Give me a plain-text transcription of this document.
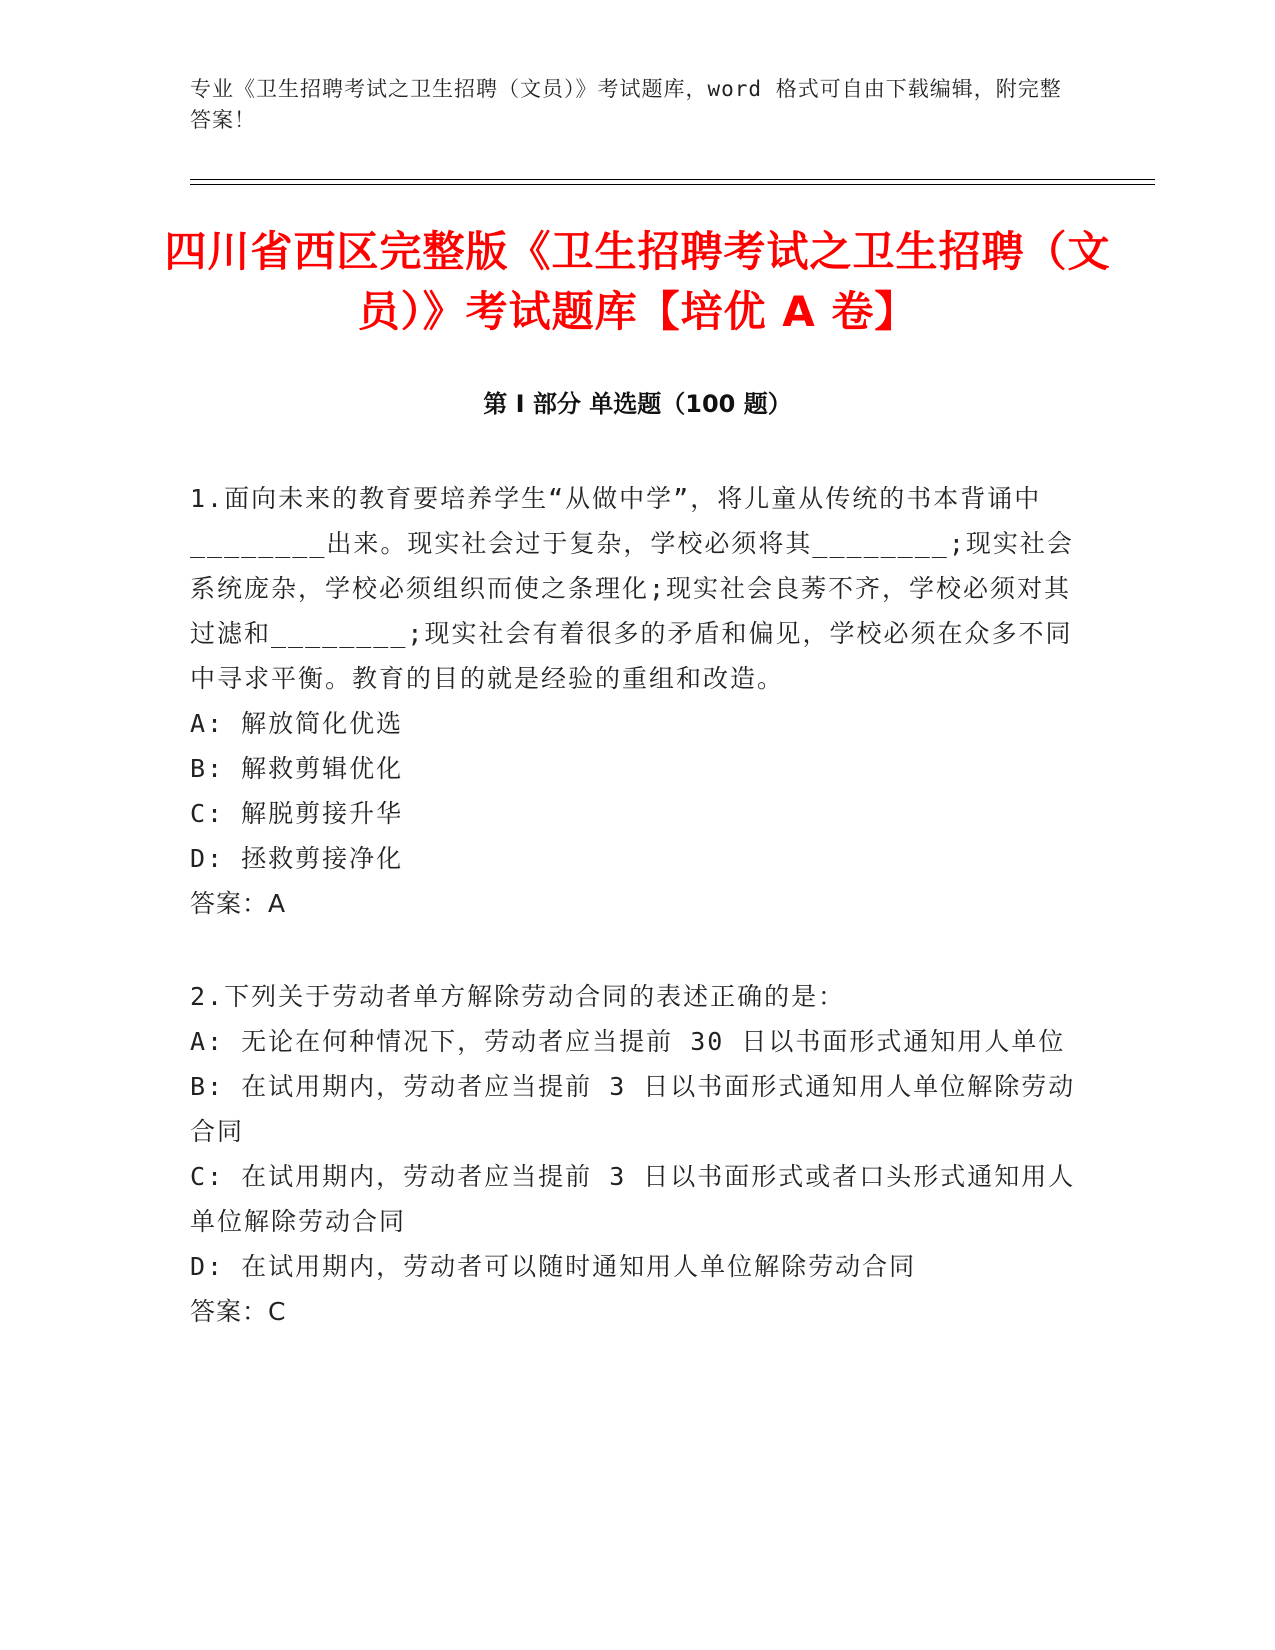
专业《卫生招聘考试之卫生招聘（文员）》考试题库，word 格式可自由下载编辑，附完整答案！
四川省西区完整版《卫生招聘考试之卫生招聘（文员）》考试题库【培优 A 卷】
第 I 部分 单选题（100 题）

1.面向未来的教育要培养学生“从做中学”，将儿童从传统的书本背诵中________出来。现实社会过于复杂，学校必须将其________;现实社会系统庞杂，学校必须组织而使之条理化;现实社会良莠不齐，学校必须对其过滤和________;现实社会有着很多的矛盾和偏见，学校必须在众多不同中寻求平衡。教育的目的就是经验的重组和改造。

A: 解放简化优选

B: 解救剪辑优化

C: 解脱剪接升华

D: 拯救剪接净化

答案：A

2.下列关于劳动者单方解除劳动合同的表述正确的是：

A: 无论在何种情况下，劳动者应当提前 30 日以书面形式通知用人单位

B: 在试用期内，劳动者应当提前 3 日以书面形式通知用人单位解除劳动合同

C: 在试用期内，劳动者应当提前 3 日以书面形式或者口头形式通知用人单位解除劳动合同

D: 在试用期内，劳动者可以随时通知用人单位解除劳动合同

答案：C
